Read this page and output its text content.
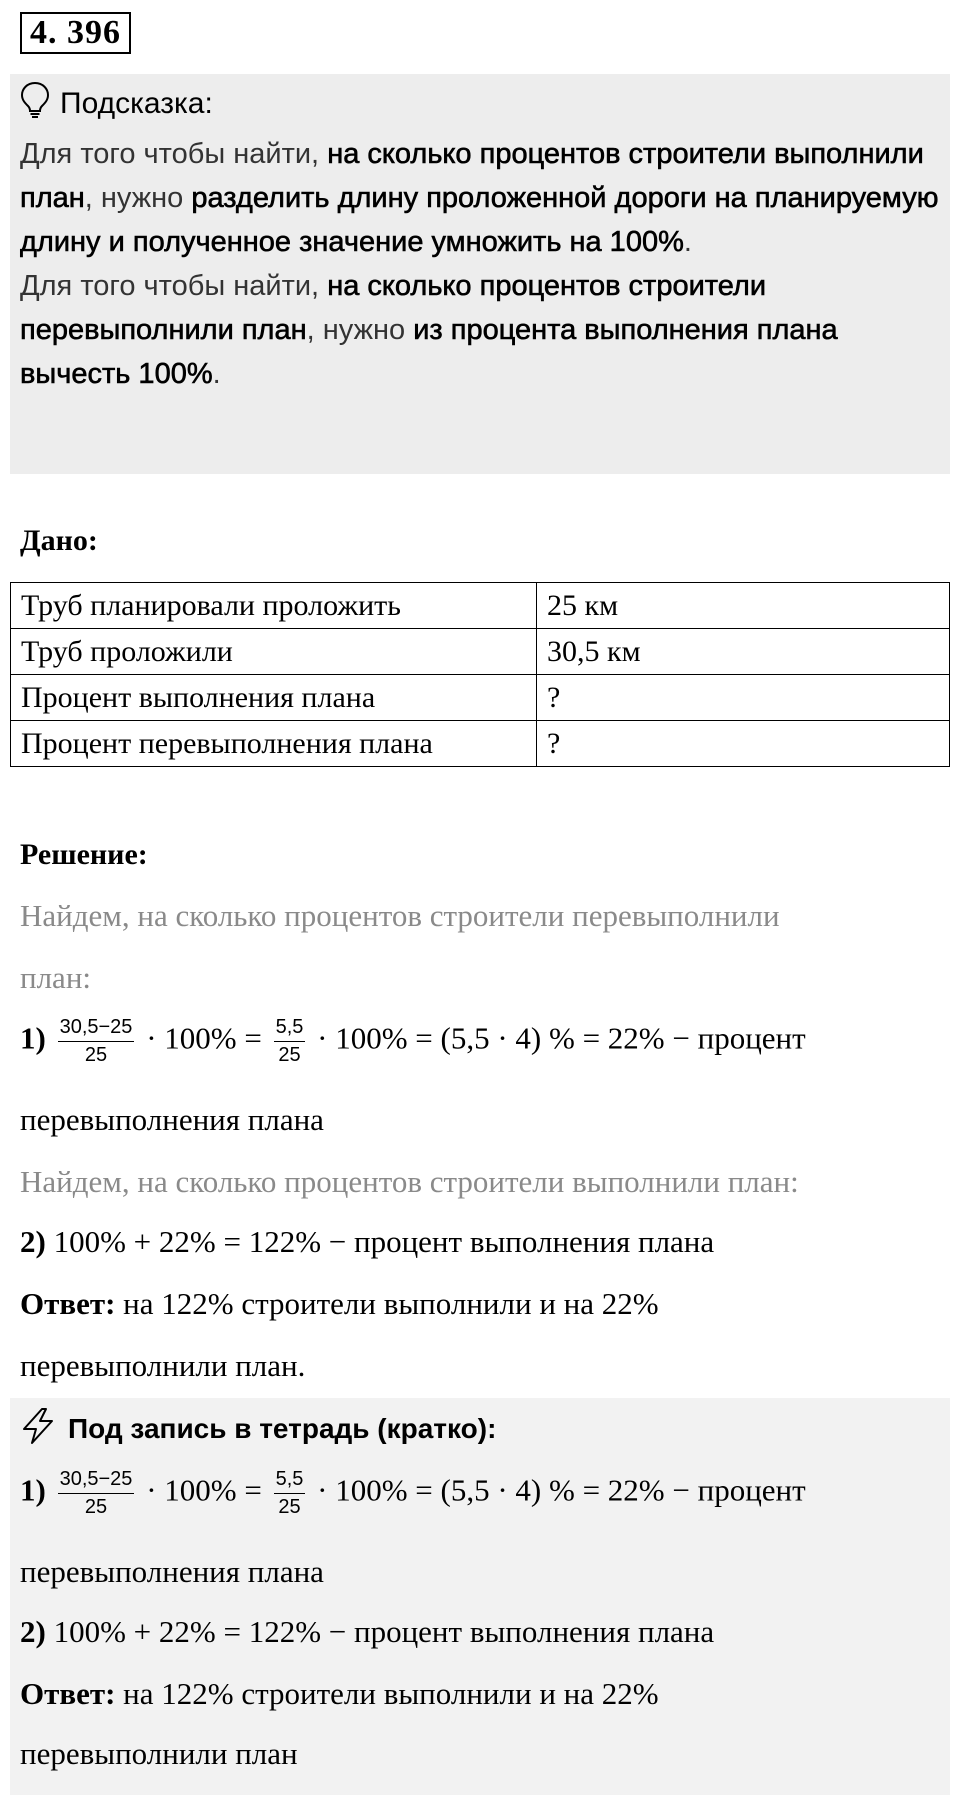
4. 396
Подсказка:
Для того чтобы найти, на сколько процентов строители выполнили план, нужно разделить длину проложенной дороги на планируемую длину и полученное значение умножить на 100%.
Для того чтобы найти, на сколько процентов строители перевыполнили план, нужно из процента выполнения плана вычесть 100%.
Дано:
Труб планировали проложить	25 км
Труб проложили	30,5 км
Процент выполнения плана	?
Процент перевыполнения плана	?
Решение:
Найдем, на сколько процентов строители перевыполнили
план:
$1) \frac{30,5-25}{25} \cdot 100\% = \frac{5,5}{25} \cdot 100\% = (5,5 \cdot 4)$ % = 22% − процент
перевыполнения плана
Найдем, на сколько процентов строители выполнили план:
2) 100% + 22% = 122% − процент выполнения плана
Ответ: на 122% строители выполнили и на 22%
перевыполнили план.
Под запись в тетрадь (кратко):
$1) \frac{30,5-25}{25} \cdot 100\% = \frac{5,5}{25} \cdot 100\% = (5,5 \cdot 4)$ % = 22% − процент
перевыполнения плана
2) 100% + 22% = 122% − процент выполнения плана
Ответ: на 122% строители выполнили и на 22%
перевыполнили план
